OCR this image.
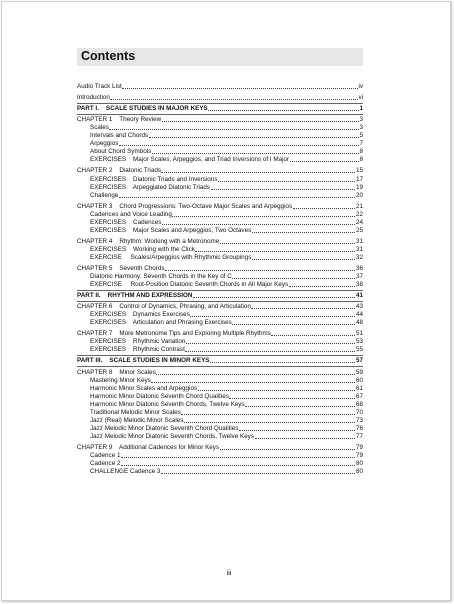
Contents
Audio Track List	iv
Introduction	vi
PART I.    SCALE STUDIES IN MAJOR KEYS	1
CHAPTER 1    Theory Review	3
Scales	3
Intervals and Chords	5
Arpeggios	7
About Chord Symbols	8
EXERCISES    Major Scales, Arpeggios, and Triad Inversions of I Major	8
CHAPTER 2    Diatonic Triads	15
EXERCISES    Diatonic Triads and Inversions	17
EXERCISES    Arpeggiated Diatonic Triads	19
Challenge	20
CHAPTER 3    Chord Progressions: Two-Octave Major Scales and Arpeggios	21
Cadences and Voice Leading	22
EXERCISES    Cadences	24
EXERCISES    Major Scales and Arpeggios, Two Octaves	25
CHAPTER 4    Rhythm: Working with a Metronome	31
EXERCISES    Working with the Click	31
EXERCISE     Scales/Arpeggios with Rhythmic Groupings	32
CHAPTER 5    Seventh Chords	36
Diatonic Harmony: Seventh Chords in the Key of C	37
EXERCISE     Root-Position Diatonic Seventh Chords in All Major Keys	38
PART II.    RHYTHM AND EXPRESSION	41
CHAPTER 6    Control of Dynamics, Phrasing, and Articulation	43
EXERCISES    Dynamics Exercises	44
EXERCISES    Articulation and Phrasing Exercises	48
CHAPTER 7    More Metronome Tips and Exploring Multiple Rhythms	51
EXERCISES    Rhythmic Variation	53
EXERCISES    Rhythmic Contrast	55
PART III.    SCALE STUDIES IN MINOR KEYS	57
CHAPTER 8    Minor Scales	59
Mastering Minor Keys	60
Harmonic Minor Scales and Arpeggios	61
Harmonic Minor Diatonic Seventh Chord Qualities	67
Harmonic Minor Diatonic Seventh Chords, Twelve Keys	68
Traditional Melodic Minor Scales	70
Jazz (Real) Melodic Minor Scales	73
Jazz Melodic Minor Diatonic Seventh Chord Qualities	76
Jazz Melodic Minor Diatonic Seventh Chords, Twelve Keys	77
CHAPTER 9    Additional Cadences for Minor Keys	79
Cadence 1	79
Cadence 2	80
CHALLENGE Cadence 3	80
iii
